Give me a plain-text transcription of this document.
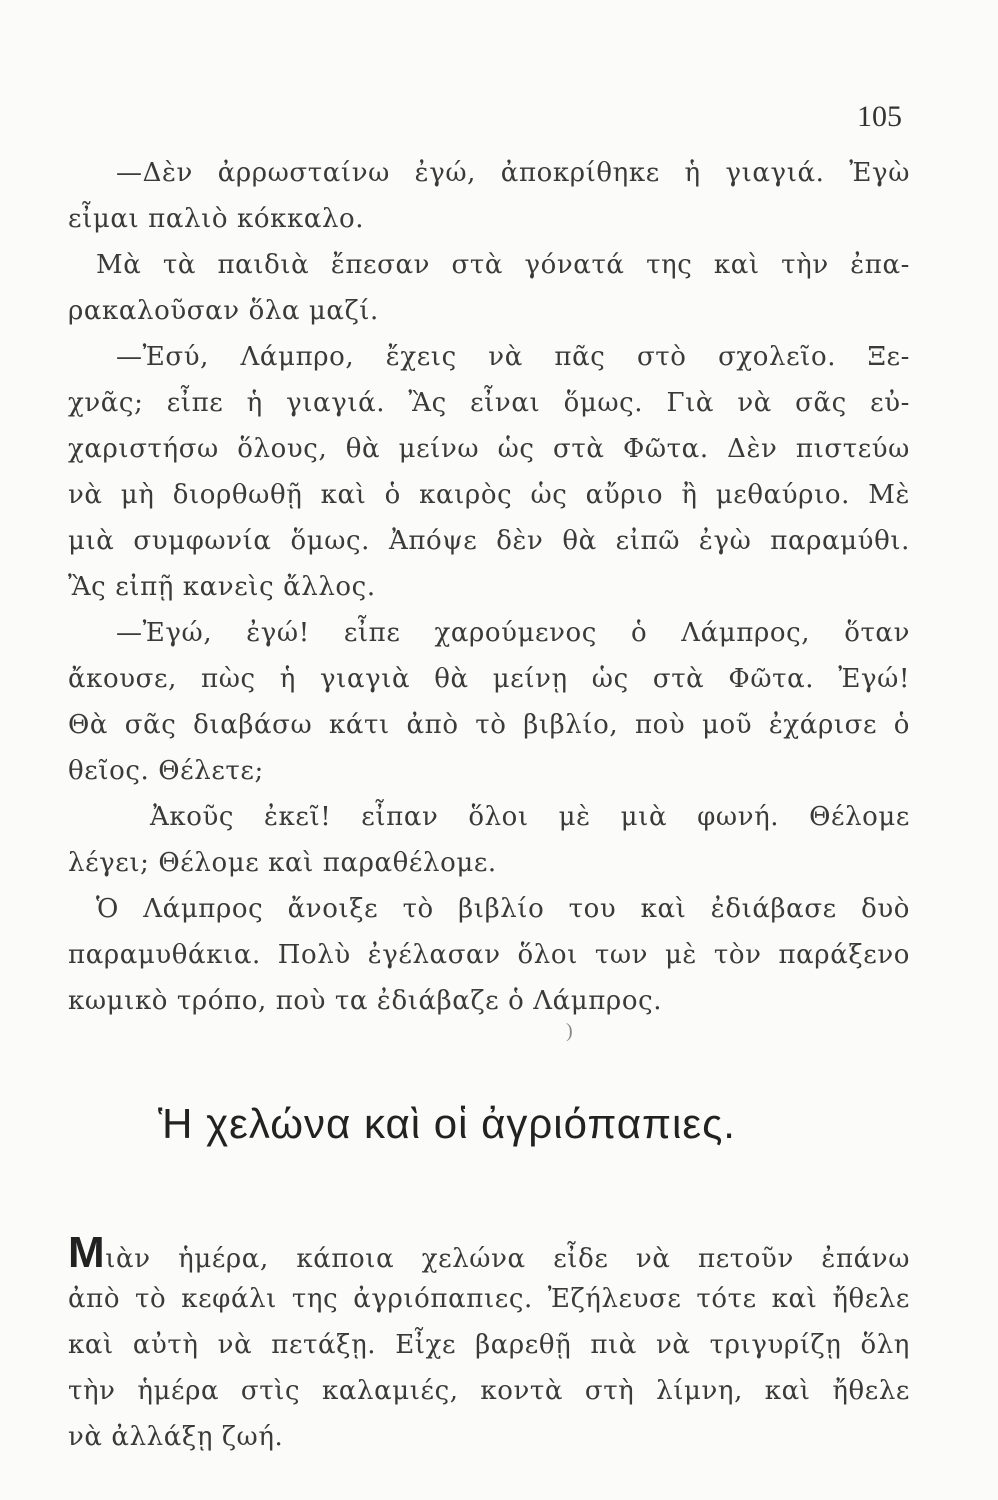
105
—Δὲν ἀρρωσταίνω ἐγώ, ἀποκρίθηκε ἡ γιαγιά. Ἐγὼ
εἶμαι παλιὸ κόκκαλο.
Μὰ τὰ παιδιὰ ἔπεσαν στὰ γόνατά της καὶ τὴν ἐπα-
ρακαλοῦσαν ὅλα μαζί.
—Ἐσύ, Λάμπρο, ἔχεις νὰ πᾶς στὸ σχολεῖο. Ξε-
χνᾶς; εἶπε ἡ γιαγιά. Ἂς εἶναι ὅμως. Γιὰ νὰ σᾶς εὐ-
χαριστήσω ὅλους, θὰ μείνω ὡς στὰ Φῶτα. Δὲν πιστεύω
νὰ μὴ διορθωθῇ καὶ ὁ καιρὸς ὡς αὔριο ἢ μεθαύριο. Μὲ
μιὰ συμφωνία ὅμως. Ἀπόψε δὲν θὰ εἰπῶ ἐγὼ παραμύθι.
Ἂς εἰπῇ κανεὶς ἄλλος.
—Ἐγώ, ἐγώ! εἶπε χαρούμενος ὁ Λάμπρος, ὅταν
ἄκουσε, πὼς ἡ γιαγιὰ θὰ μείνῃ ὡς στὰ Φῶτα. Ἐγώ!
Θὰ σᾶς διαβάσω κάτι ἀπὸ τὸ βιβλίο, ποὺ μοῦ ἐχάρισε ὁ
θεῖος. Θέλετε;
Ἀκοῦς ἐκεῖ! εἶπαν ὅλοι μὲ μιὰ φωνή. Θέλομε
λέγει; Θέλομε καὶ παραθέλομε.
Ὁ Λάμπρος ἄνοιξε τὸ βιβλίο του καὶ ἐδιάβασε δυὸ
παραμυθάκια. Πολὺ ἐγέλασαν ὅλοι των μὲ τὸν παράξενο
κωμικὸ τρόπο, ποὺ τα ἐδιάβαζε ὁ Λάμπρος.
)
Ἡ χελώνα καὶ οἱ ἀγριόπαπιες.
Μιὰν ἡμέρα, κάποια χελώνα εἶδε νὰ πετοῦν ἐπάνω
ἀπὸ τὸ κεφάλι της ἀγριόπαπιες. Ἐζήλευσε τότε καὶ ἤθελε
καὶ αὐτὴ νὰ πετάξῃ. Εἶχε βαρεθῇ πιὰ νὰ τριγυρίζῃ ὅλη
τὴν ἡμέρα στὶς καλαμιές, κοντὰ στὴ λίμνη, καὶ ἤθελε
νὰ ἀλλάξῃ ζωή.
